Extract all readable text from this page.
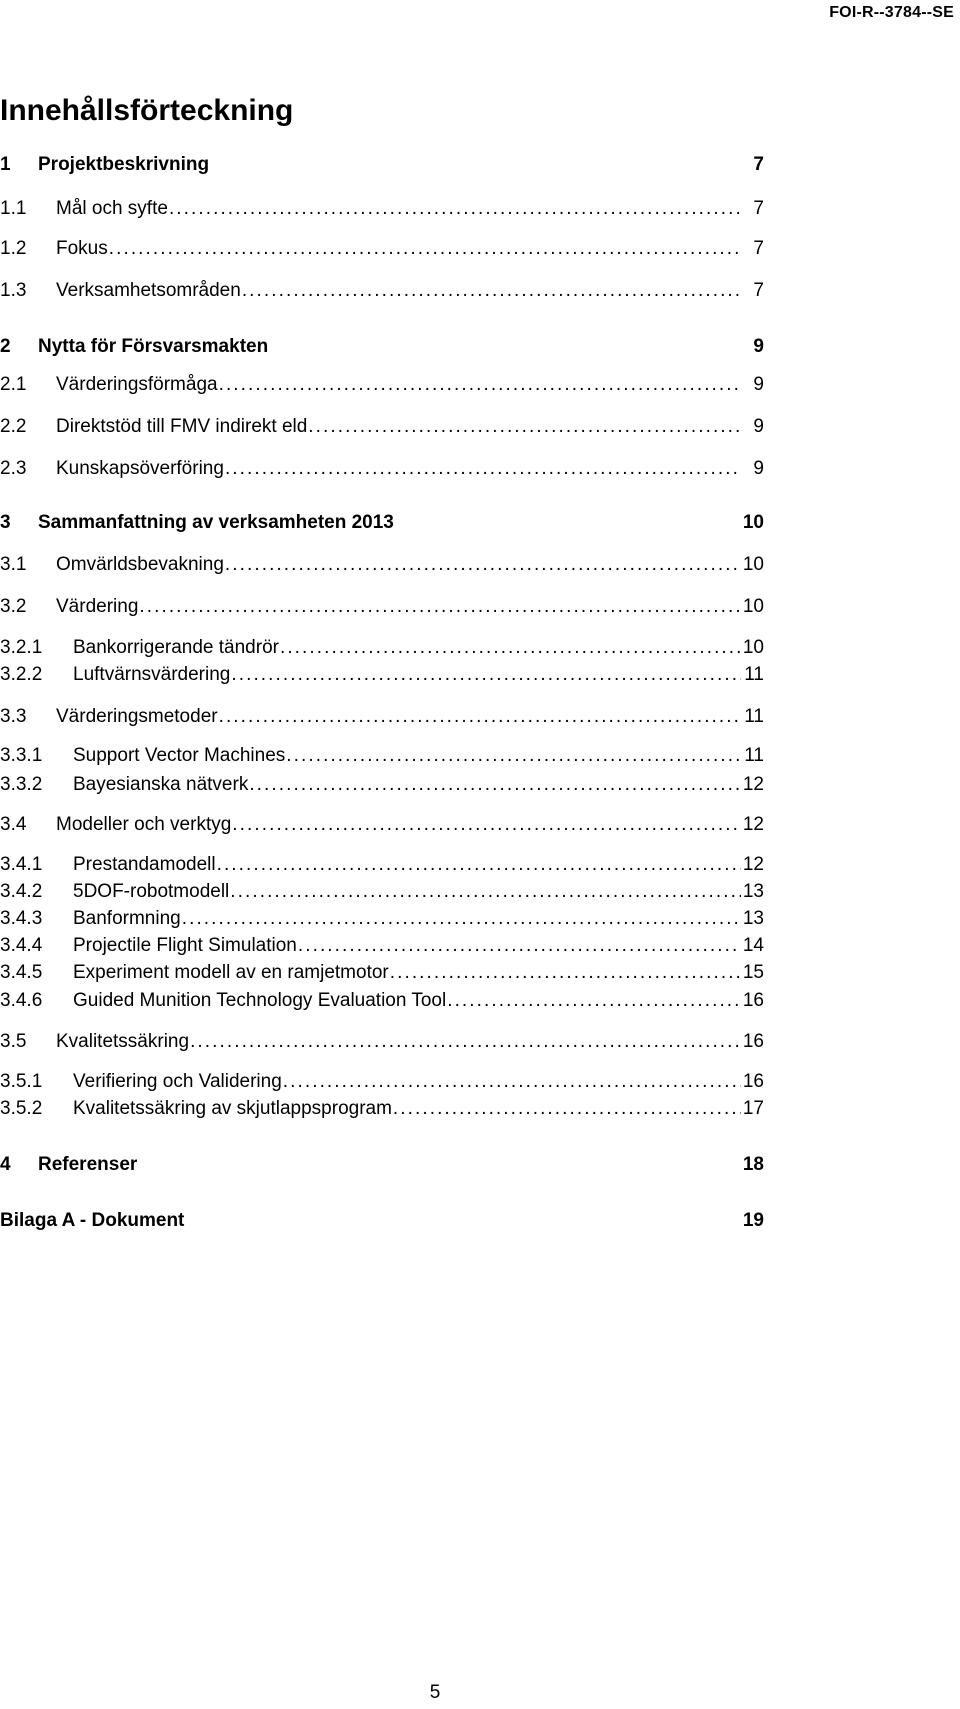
FOI-R--3784--SE
Innehållsförteckning
1	Projektbeskrivning	7
1.1	Mål och syfte . . .	7
1.2	Fokus . . .	7
1.3	Verksamhetsområden . . .	7
2	Nytta för Försvarsmakten	9
2.1	Värderingsförmåga . . .	9
2.2	Direktstöd till FMV indirekt eld . . .	9
2.3	Kunskapsöverföring . . .	9
3	Sammanfattning av verksamheten 2013	10
3.1	Omvärldsbevakning . . .	10
3.2	Värdering . . .	10
3.2.1	Bankorrigerande tändrör . . .	10
3.2.2	Luftvärnsvärdering . . .	11
3.3	Värderingsmetoder . . .	11
3.3.1	Support Vector Machines . . .	11
3.3.2	Bayesianska nätverk . . .	12
3.4	Modeller och verktyg . . .	12
3.4.1	Prestandamodell . . .	12
3.4.2	5DOF-robotmodell . . .	13
3.4.3	Banformning . . .	13
3.4.4	Projectile Flight Simulation . . .	14
3.4.5	Experiment modell av en ramjetmotor . . .	15
3.4.6	Guided Munition Technology Evaluation Tool . . .	16
3.5	Kvalitetssäkring . . .	16
3.5.1	Verifiering och Validering . . .	16
3.5.2	Kvalitetssäkring av skjutlappsprogram . . .	17
4	Referenser	18
Bilaga A - Dokument	19
5
